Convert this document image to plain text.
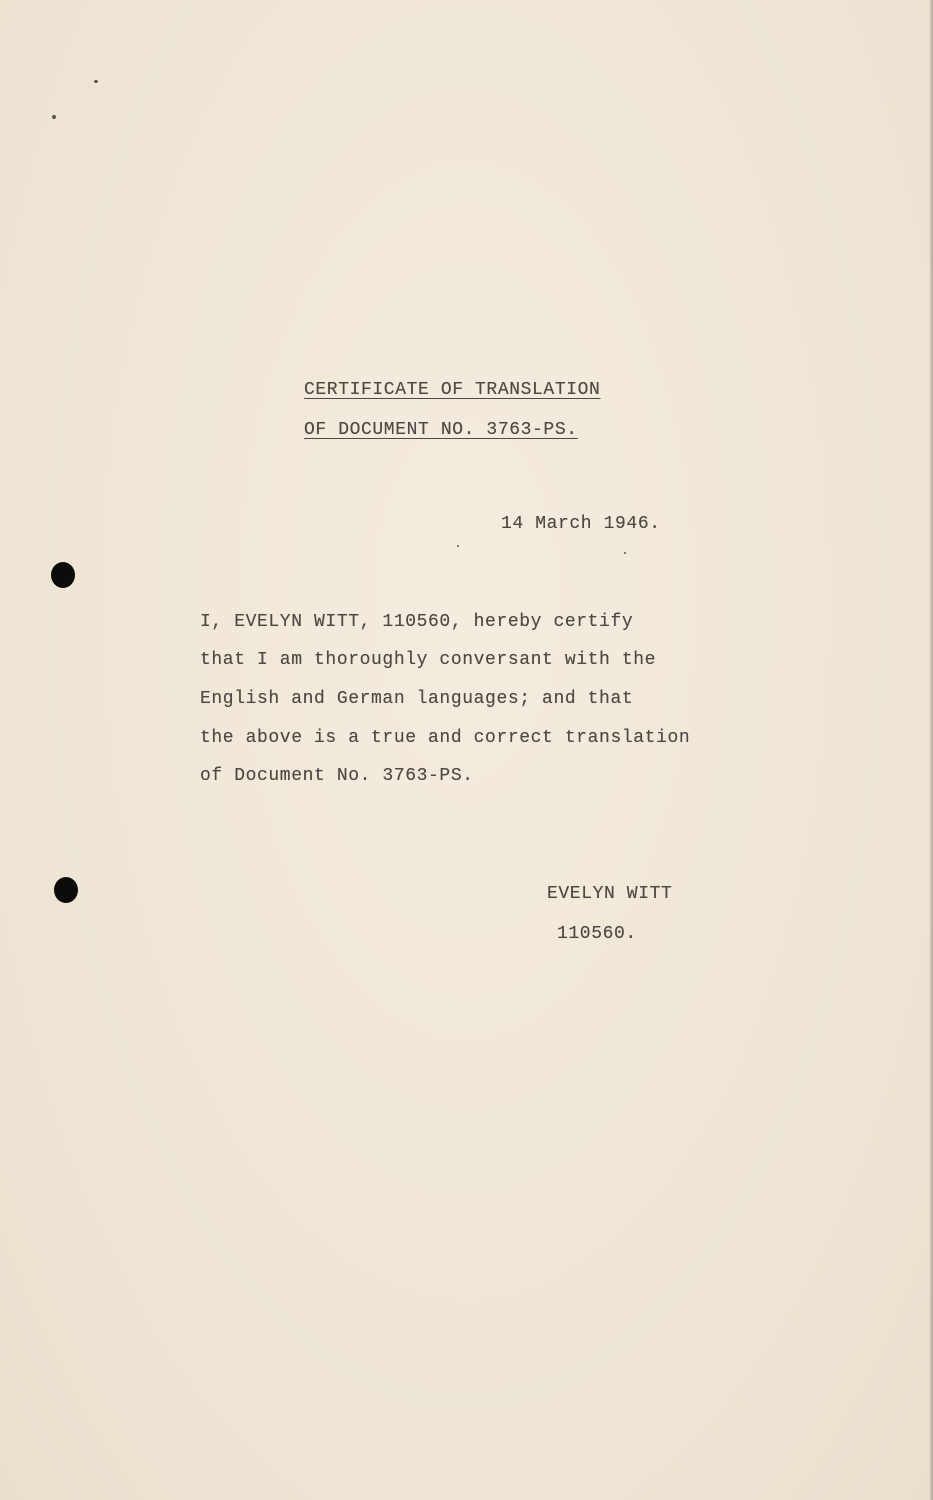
CERTIFICATE OF TRANSLATION
OF DOCUMENT NO. 3763-PS.
14 March 1946.
I, EVELYN WITT, 110560, hereby certify
that I am thoroughly conversant with the
English and German languages; and that
the above is a true and correct translation
of Document No. 3763-PS.
EVELYN WITT
110560.
